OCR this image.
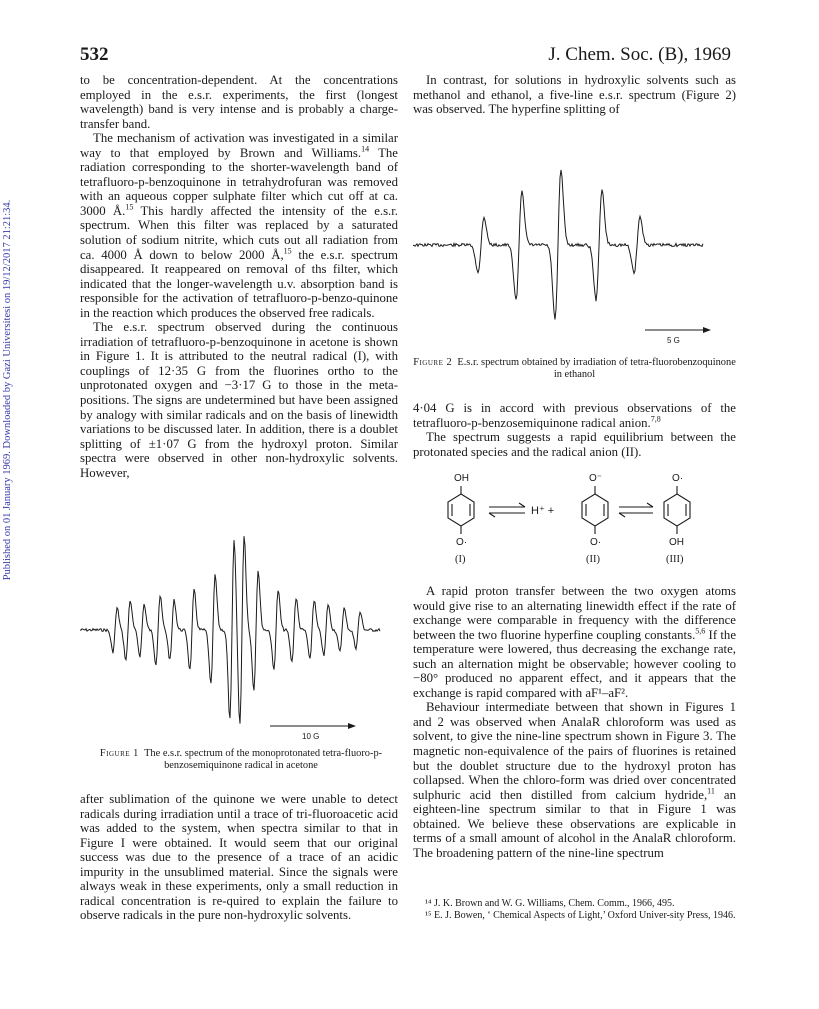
532	J. Chem. Soc. (B), 1969
Published on 01 January 1969. Downloaded by Gazi Universitesi on 19/12/2017 21:21:34.

to be concentration-dependent. At the concentrations employed in the e.s.r. experiments, the first (longest wavelength) band is very intense and is probably a charge-transfer band.

The mechanism of activation was investigated in a similar way to that employed by Brown and Williams.$^{14}$ The radiation corresponding to the shorter-wavelength band of tetrafluoro-p-benzoquinone in tetrahydrofuran was removed with an aqueous copper sulphate filter which cut off at ca. 3000 Å.$^{15}$ This hardly affected the intensity of the e.s.r. spectrum. When this filter was replaced by a saturated solution of sodium nitrite, which cuts out all radiation from ca. 4000 Å down to below 2000 Å,$^{15}$ the e.s.r. spectrum disappeared. It reappeared on removal of ths filter, which indicated that the longer-wavelength u.v. absorption band is responsible for the activation of tetrafluoro-p-benzo-quinone in the reaction which produces the observed free radicals.

The e.s.r. spectrum observed during the continuous irradiation of tetrafluoro-p-benzoquinone in acetone is shown in Figure 1. It is attributed to the neutral radical (I), with couplings of 12·35 G from the fluorines ortho to the unprotonated oxygen and −3·17 G to those in the meta-positions. The signs are undetermined but have been assigned by analogy with similar radicals and on the basis of linewidth variations to be discussed later. In addition, there is a doublet splitting of ±1·07 G from the hydroxyl proton. Similar spectra were observed in other non-hydroxylic solvents. However,

10 G
Figure 1 The e.s.r. spectrum of the monoprotonated tetra-fluoro-p-benzosemiquinone radical in acetone

after sublimation of the quinone we were unable to detect radicals during irradiation until a trace of tri-fluoroacetic acid was added to the system, when spectra similar to that in Figure I were obtained. It would seem that our original success was due to the presence of a trace of an acidic impurity in the unsublimed material. Since the signals were always weak in these experiments, only a small reduction in radical concentration is re-quired to explain the failure to observe radicals in the pure non-hydroxylic solvents.

In contrast, for solutions in hydroxylic solvents such as methanol and ethanol, a five-line e.s.r. spectrum (Figure 2) was observed. The hyperfine splitting of

5 G
Figure 2 E.s.r. spectrum obtained by irradiation of tetra-fluorobenzoquinone in ethanol

4·04 G is in accord with previous observations of the tetrafluoro-p-benzosemiquinone radical anion.$^{7,8}$

The spectrum suggests a rapid equilibrium between the protonated species and the radical anion (II).

OH
O·
H⁺ +
O⁻
O·
O·
OH
(I)	(II)	(III)

A rapid proton transfer between the two oxygen atoms would give rise to an alternating linewidth effect if the rate of exchange were comparable in frequency with the difference between the two fluorine hyperfine coupling constants.$^{5,6}$ If the temperature were lowered, thus decreasing the exchange rate, such an alternation might be observable; however cooling to −80° produced no apparent effect, and it appears that the exchange is rapid compared with aF¹–aF².

Behaviour intermediate between that shown in Figures 1 and 2 was observed when AnalaR chloroform was used as solvent, to give the nine-line spectrum shown in Figure 3. The magnetic non-equivalence of the pairs of fluorines is retained but the doublet structure due to the hydroxyl proton has collapsed. When the chloro-form was dried over concentrated sulphuric acid then distilled from calcium hydride,$^{11}$ an eighteen-line spectrum similar to that in Figure 1 was obtained. We believe these observations are explicable in terms of a small amount of alcohol in the AnalaR chloroform. The broadening pattern of the nine-line spectrum

¹⁴ J. K. Brown and W. G. Williams, Chem. Comm., 1966, 495.
¹⁵ E. J. Bowen, ‘ Chemical Aspects of Light,’ Oxford Univer-sity Press, 1946.
